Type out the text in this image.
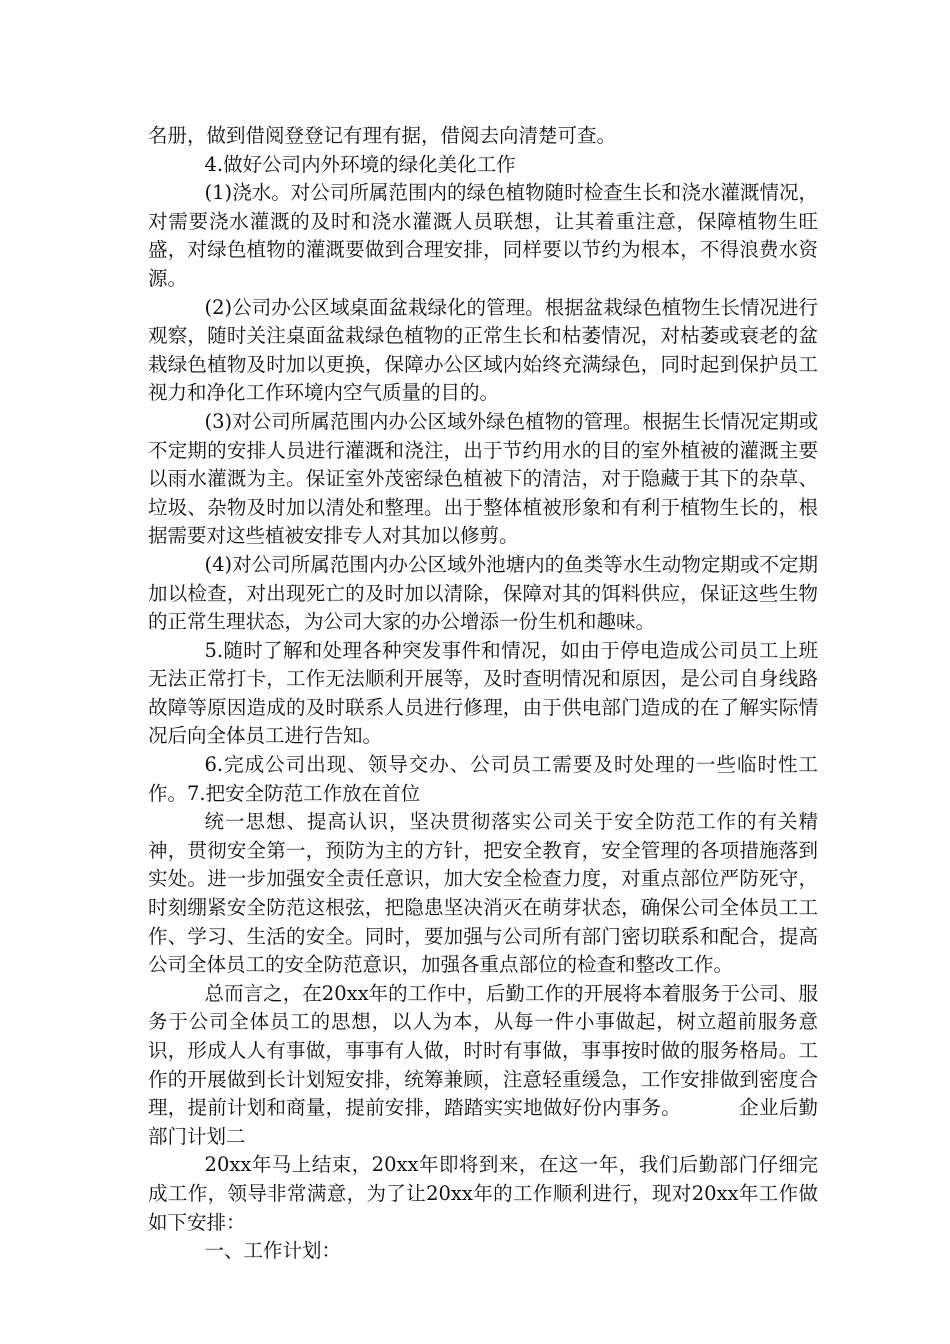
名册，做到借阅登登记有理有据，借阅去向清楚可查。

4.做好公司内外环境的绿化美化工作

(1)浇水。对公司所属范围内的绿色植物随时检查生长和浇水灌溉情况，对需要浇水灌溉的及时和浇水灌溉人员联想，让其着重注意，保障植物生旺盛，对绿色植物的灌溉要做到合理安排，同样要以节约为根本，不得浪费水资源。

(2)公司办公区域桌面盆栽绿化的管理。根据盆栽绿色植物生长情况进行观察，随时关注桌面盆栽绿色植物的正常生长和枯萎情况，对枯萎或衰老的盆栽绿色植物及时加以更换，保障办公区域内始终充满绿色，同时起到保护员工视力和净化工作环境内空气质量的目的。

(3)对公司所属范围内办公区域外绿色植物的管理。根据生长情况定期或不定期的安排人员进行灌溉和浇注，出于节约用水的目的室外植被的灌溉主要以雨水灌溉为主。保证室外茂密绿色植被下的清洁，对于隐藏于其下的杂草、垃圾、杂物及时加以清处和整理。出于整体植被形象和有利于植物生长的，根据需要对这些植被安排专人对其加以修剪。

(4)对公司所属范围内办公区域外池塘内的鱼类等水生动物定期或不定期加以检查，对出现死亡的及时加以清除，保障对其的饵料供应，保证这些生物的正常生理状态，为公司大家的办公增添一份生机和趣味。

5.随时了解和处理各种突发事件和情况，如由于停电造成公司员工上班无法正常打卡，工作无法顺利开展等，及时查明情况和原因，是公司自身线路故障等原因造成的及时联系人员进行修理，由于供电部门造成的在了解实际情况后向全体员工进行告知。

6.完成公司出现、领导交办、公司员工需要及时处理的一些临时性工作。7.把安全防范工作放在首位

统一思想、提高认识，坚决贯彻落实公司关于安全防范工作的有关精神，贯彻安全第一，预防为主的方针，把安全教育，安全管理的各项措施落到实处。进一步加强安全责任意识，加大安全检查力度，对重点部位严防死守，时刻绷紧安全防范这根弦，把隐患坚决消灭在萌芽状态，确保公司全体员工工作、学习、生活的安全。同时，要加强与公司所有部门密切联系和配合，提高公司全体员工的安全防范意识，加强各重点部位的检查和整改工作。

总而言之，在20xx年的工作中，后勤工作的开展将本着服务于公司、服务于公司全体员工的思想，以人为本，从每一件小事做起，树立超前服务意识，形成人人有事做，事事有人做，时时有事做，事事按时做的服务格局。工作的开展做到长计划短安排，统筹兼顾，注意轻重缓急，工作安排做到密度合理，提前计划和商量，提前安排，踏踏实实地做好份内事务。	企业后勤部门计划二

20xx年马上结束，20xx年即将到来，在这一年，我们后勤部门仔细完成工作，领导非常满意，为了让20xx年的工作顺利进行，现对20xx年工作做如下安排：

一、工作计划：
